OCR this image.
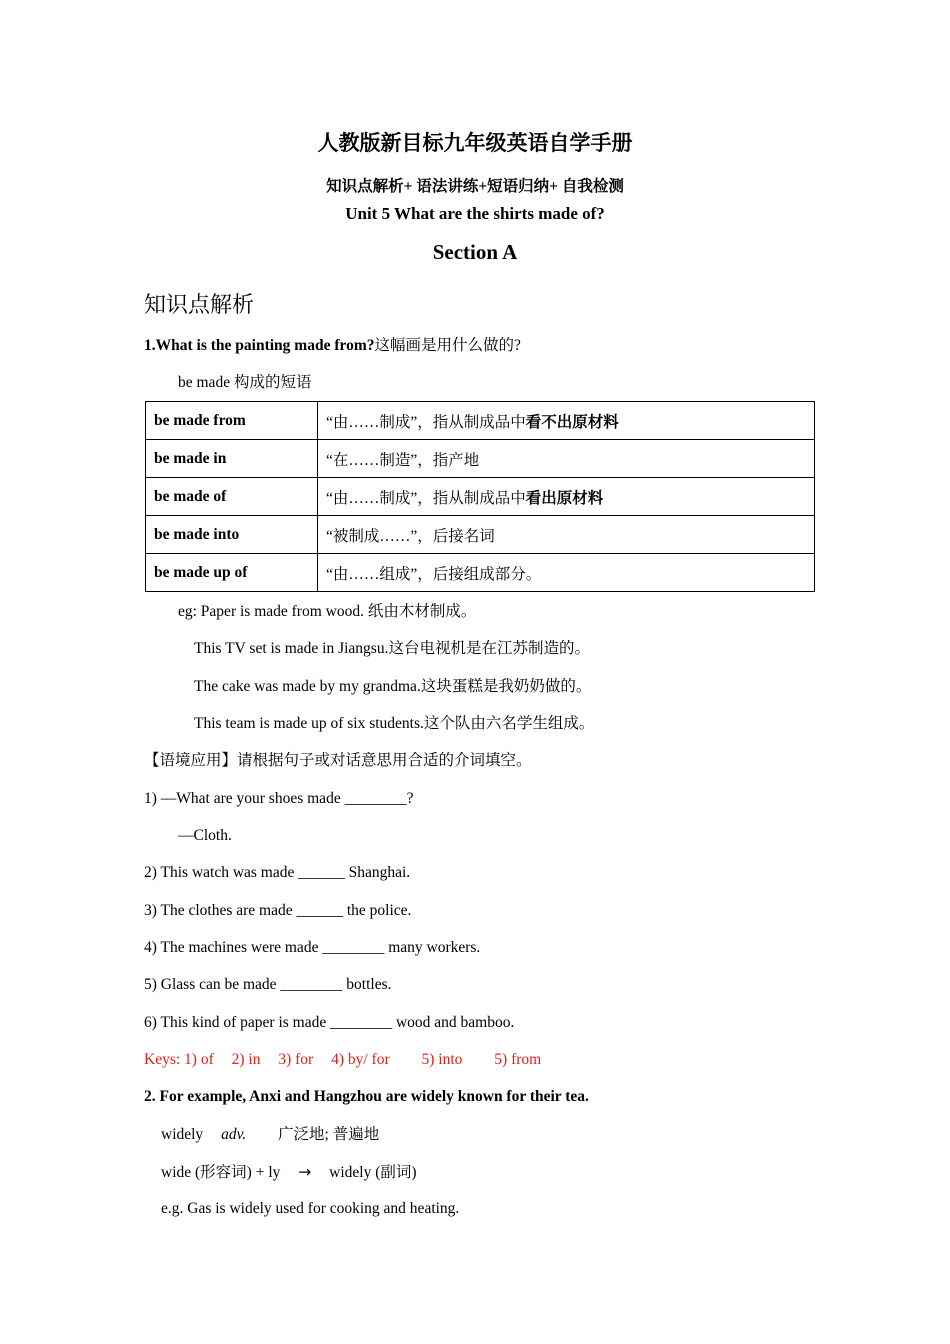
人教版新目标九年级英语自学手册
知识点解析+ 语法讲练+短语归纳+ 自我检测
Unit 5 What are the shirts made of?
Section A
知识点解析
1.What is the painting made from?这幅画是用什么做的?
be made 构成的短语
be made from	“由……制成”，指从制成品中看不出原材料
be made in	“在……制造”，指产地
be made of	“由……制成”，指从制成品中看出原材料
be made into	“被制成……”，后接名词
be made up of	“由……组成”，后接组成部分。
eg: Paper is made from wood. 纸由木材制成。
This TV set is made in Jiangsu.这台电视机是在江苏制造的。
The cake was made by my grandma.这块蛋糕是我奶奶做的。
This team is made up of six students.这个队由六名学生组成。
【语境应用】请根据句子或对话意思用合适的介词填空。
1) —What are your shoes made ________?
—Cloth.
2) This watch was made ______ Shanghai.
3) The clothes are made ______ the police.
4) The machines were made ________ many workers.
5) Glass can be made ________ bottles.
6) This kind of paper is made ________ wood and bamboo.
Keys: 1) of 2) in 3) for 4) by/ for 5) into 5) from
2. For example, Anxi and Hangzhou are widely known for their tea.
widely adv. 广泛地; 普遍地
wide (形容词) + ly → widely (副词)
e.g. Gas is widely used for cooking and heating.
